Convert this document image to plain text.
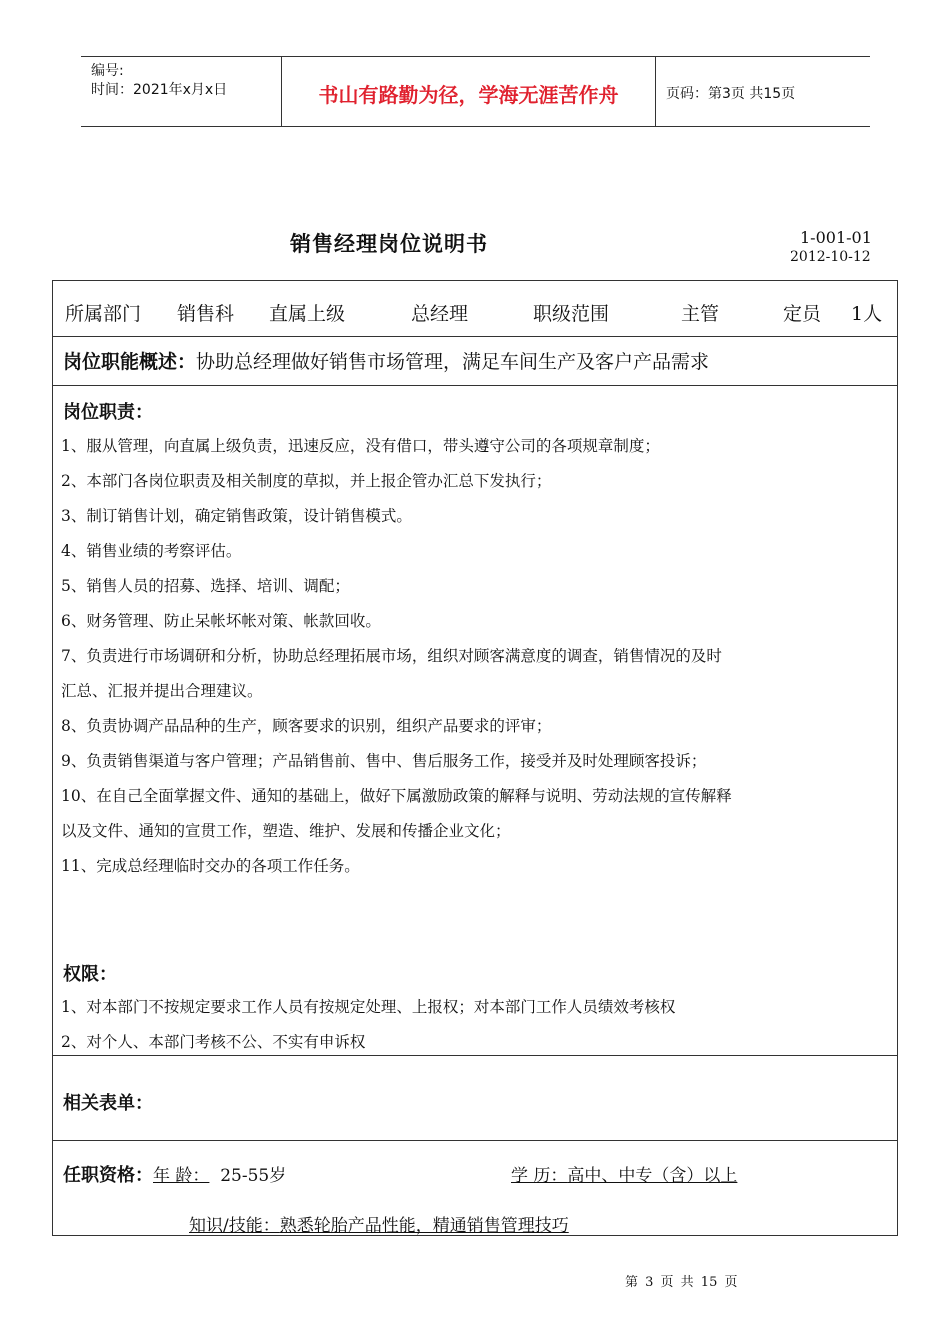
编号:
时间：2021年x月x日	书山有路勤为径，学海无涯苦作舟	页码：第3页 共15页
销售经理岗位说明书	1-001-01
2012-10-12
所属部门 销售科 直属上级	总经理	职级范围	主管	定员 1人
岗位职能概述：协助总经理做好销售市场管理，满足车间生产及客户产品需求
岗位职责：
1、服从管理，向直属上级负责，迅速反应，没有借口，带头遵守公司的各项规章制度；
2、本部门各岗位职责及相关制度的草拟，并上报企管办汇总下发执行；
3、制订销售计划，确定销售政策，设计销售模式。
4、销售业绩的考察评估。
5、销售人员的招募、选择、培训、调配；
6、财务管理、防止呆帐坏帐对策、帐款回收。
7、负责进行市场调研和分析，协助总经理拓展市场，组织对顾客满意度的调查，销售情况的及时
汇总、汇报并提出合理建议。
8、负责协调产品品种的生产，顾客要求的识别，组织产品要求的评审；
9、负责销售渠道与客户管理；产品销售前、售中、售后服务工作，接受并及时处理顾客投诉；
10、在自己全面掌握文件、通知的基础上，做好下属激励政策的解释与说明、劳动法规的宣传解释
以及文件、通知的宣贯工作，塑造、维护、发展和传播企业文化；
11、完成总经理临时交办的各项工作任务。
权限：
1、对本部门不按规定要求工作人员有按规定处理、上报权；对本部门工作人员绩效考核权
2、对个人、本部门考核不公、不实有申诉权
相关表单：
任职资格：年 龄： 25-55岁	学 历：高中、中专（含）以上
知识/技能：熟悉轮胎产品性能，精通销售管理技巧
第 3 页 共 15 页
